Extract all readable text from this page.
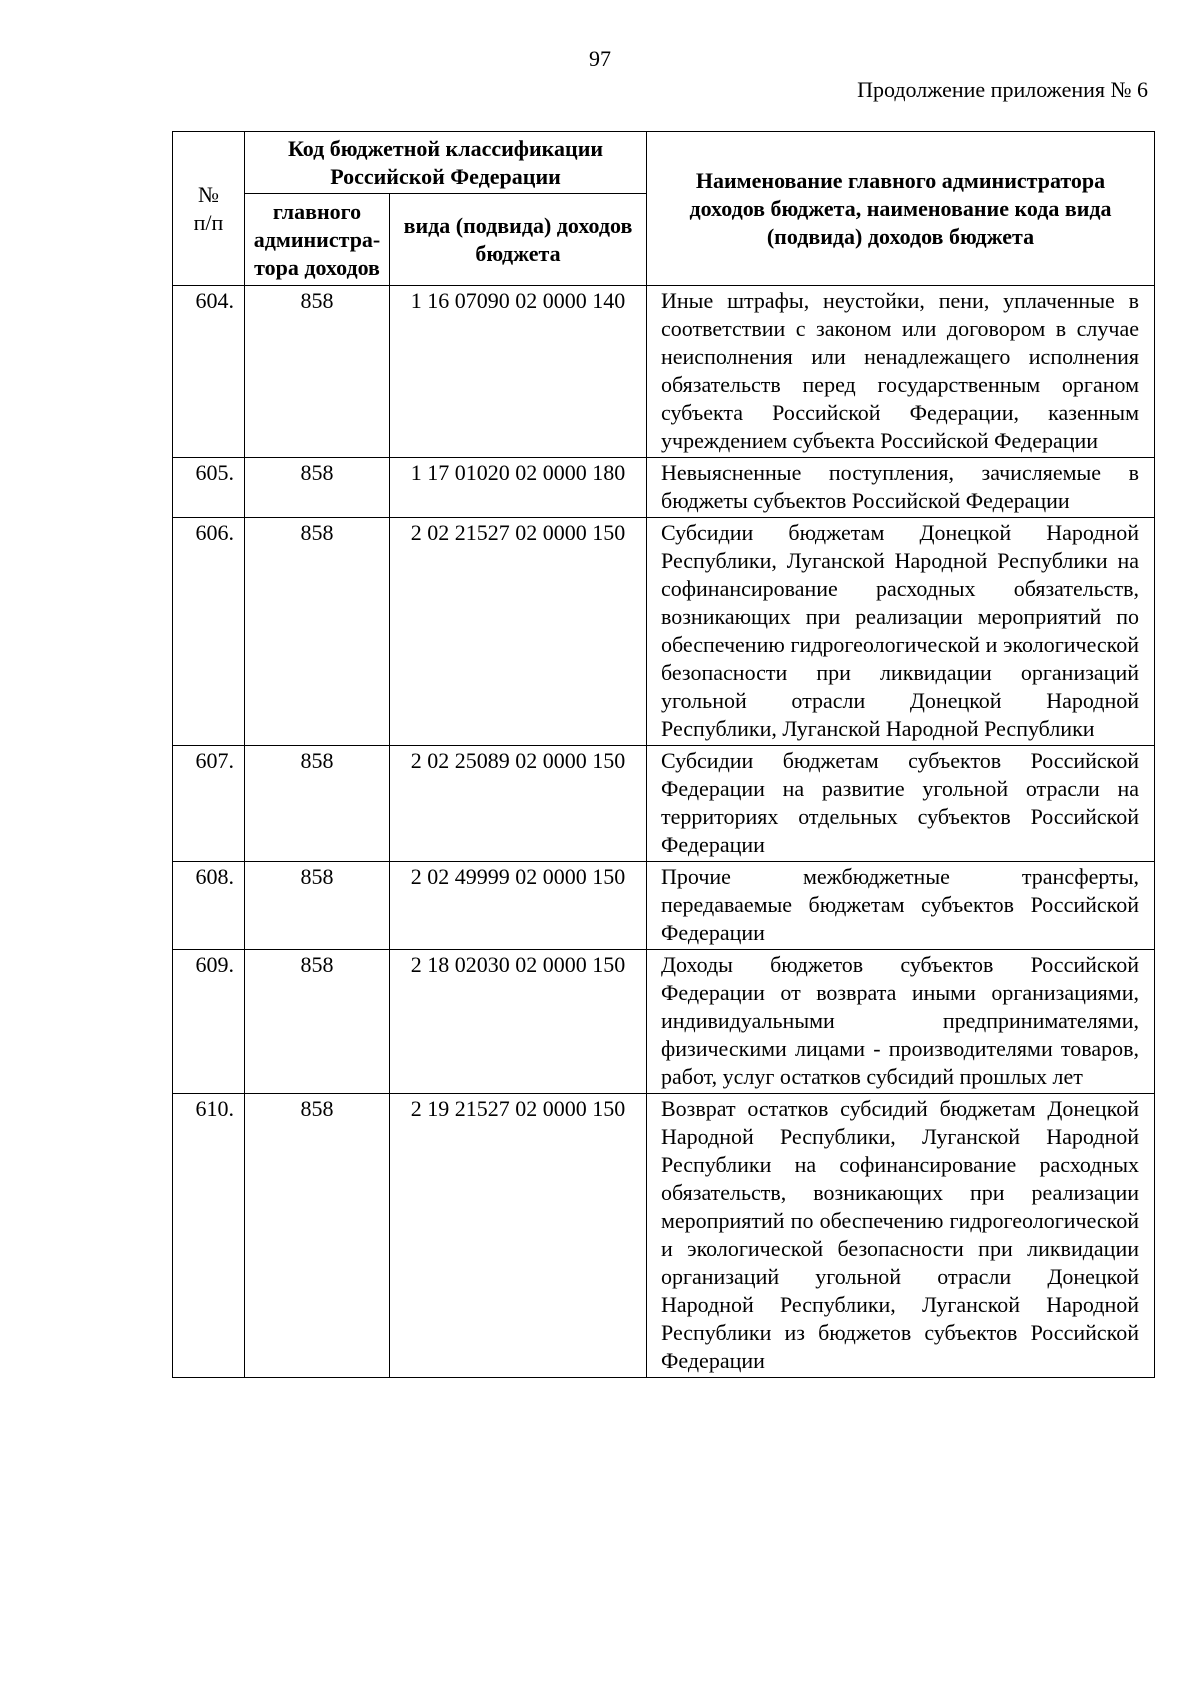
97
Продолжение приложения № 6
№
п/п	Код бюджетной классификации Российской Федерации		Наименование главного администратора доходов бюджета, наименование кода вида (подвида) доходов бюджета
	главного администра-тора доходов	вида (подвида) доходов бюджета	
604.	858	1 16 07090 02 0000 140	Иные штрафы, неустойки, пени, уплаченные в соответствии с законом или договором в случае неисполнения или ненадлежащего исполнения обязательств перед государственным органом субъекта Российской Федерации, казенным учреждением субъекта Российской Федерации
605.	858	1 17 01020 02 0000 180	Невыясненные поступления, зачисляемые в бюджеты субъектов Российской Федерации
606.	858	2 02 21527 02 0000 150	Субсидии бюджетам Донецкой Народной Республики, Луганской Народной Республики на софинансирование расходных обязательств, возникающих при реализации мероприятий по обеспечению гидрогеологической и экологической безопасности при ликвидации организаций угольной отрасли Донецкой Народной Республики, Луганской Народной Республики
607.	858	2 02 25089 02 0000 150	Субсидии бюджетам субъектов Российской Федерации на развитие угольной отрасли на территориях отдельных субъектов Российской Федерации
608.	858	2 02 49999 02 0000 150	Прочие межбюджетные трансферты, передаваемые бюджетам субъектов Российской Федерации
609.	858	2 18 02030 02 0000 150	Доходы бюджетов субъектов Российской Федерации от возврата иными организациями, индивидуальными предпринимателями, физическими лицами - производителями товаров, работ, услуг остатков субсидий прошлых лет
610.	858	2 19 21527 02 0000 150	Возврат остатков субсидий бюджетам Донецкой Народной Республики, Луганской Народной Республики на софинансирование расходных обязательств, возникающих при реализации мероприятий по обеспечению гидрогеологической и экологической безопасности при ликвидации организаций угольной отрасли Донецкой Народной Республики, Луганской Народной Республики из бюджетов субъектов Российской Федерации
